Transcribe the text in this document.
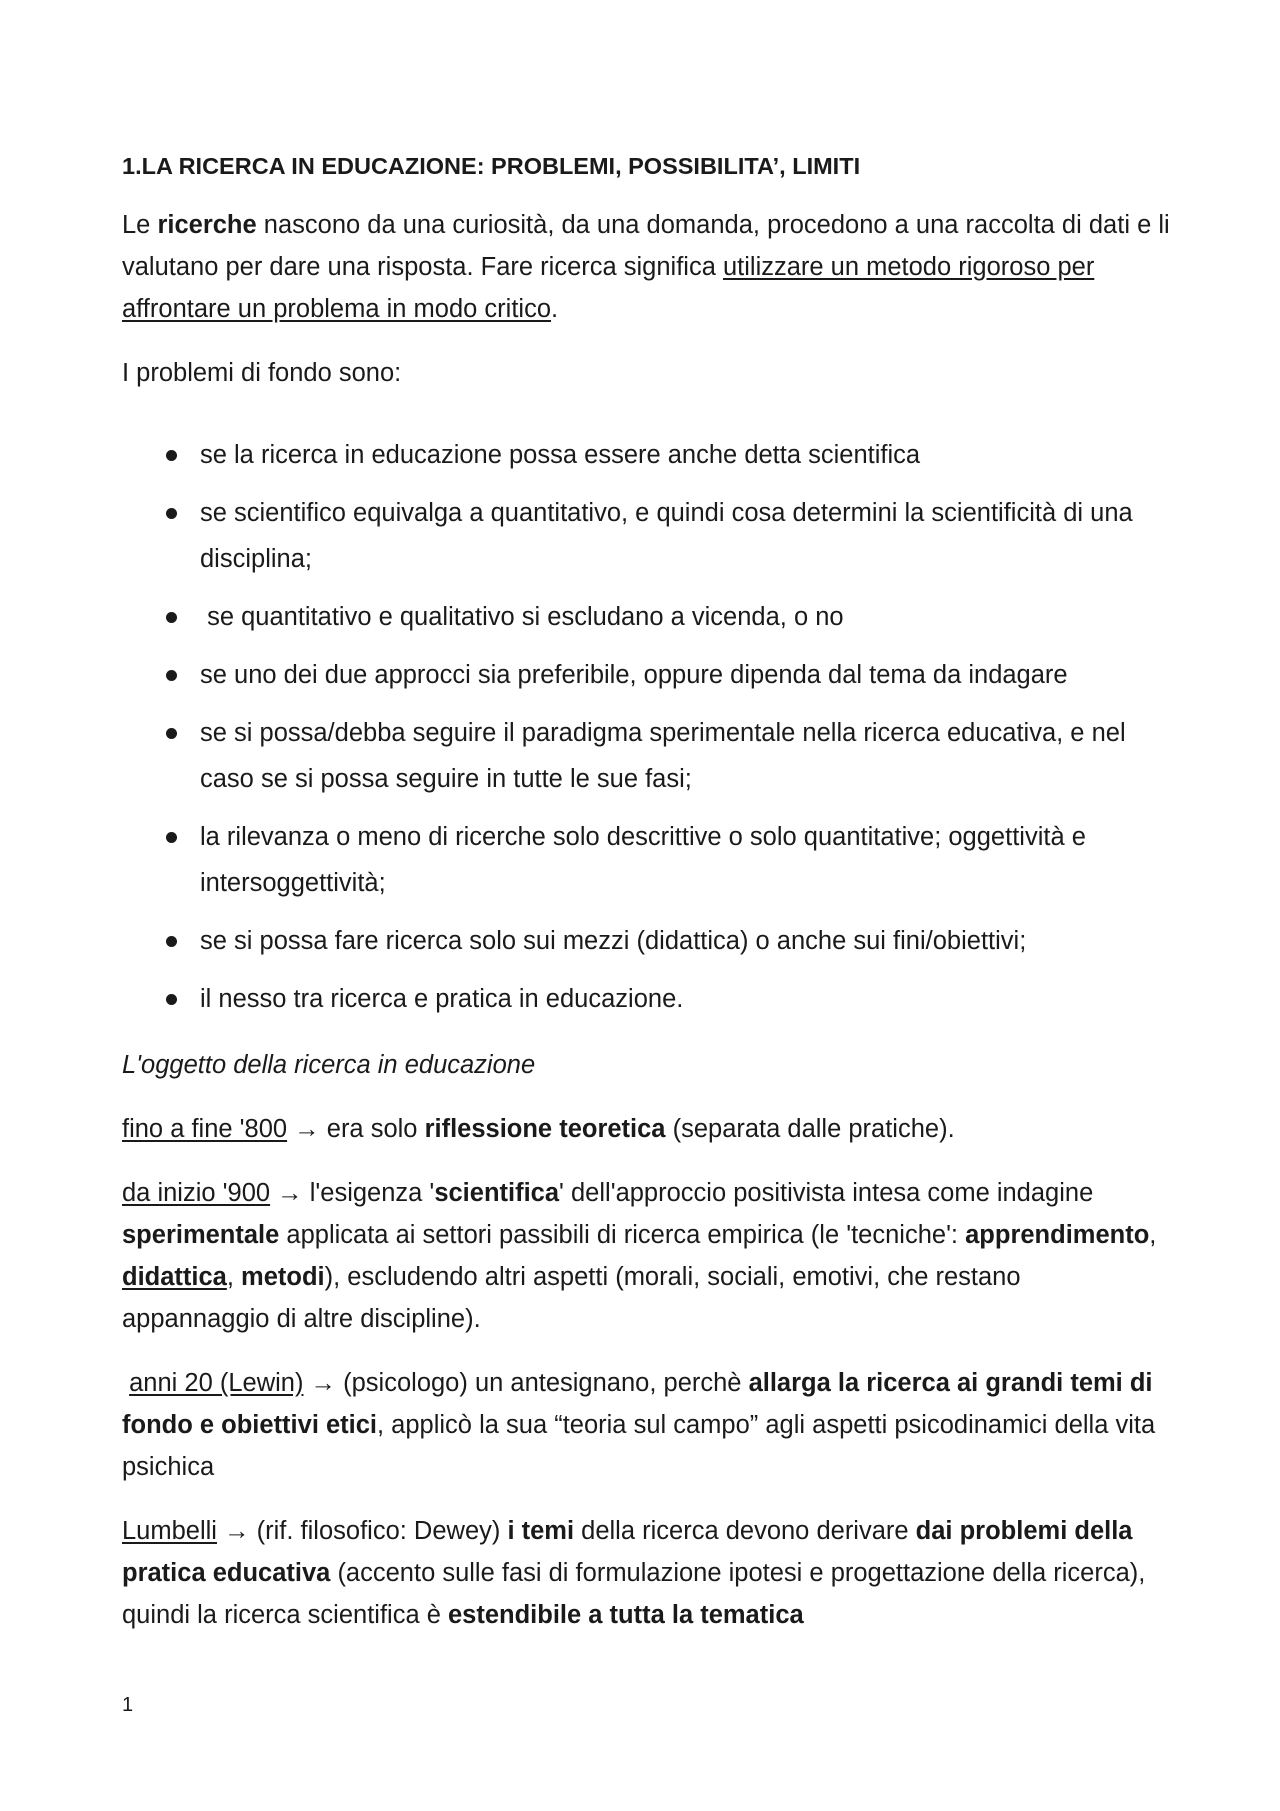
1.LA RICERCA IN EDUCAZIONE: PROBLEMI, POSSIBILITA’, LIMITI

Le ricerche nascono da una curiosità, da una domanda, procedono a una raccolta di dati e li valutano per dare una risposta. Fare ricerca significa utilizzare un metodo rigoroso per affrontare un problema in modo critico.

I problemi di fondo sono:

se la ricerca in educazione possa essere anche detta scientifica
se scientifico equivalga a quantitativo, e quindi cosa determini la scientificità di una disciplina;
se quantitativo e qualitativo si escludano a vicenda, o no
se uno dei due approcci sia preferibile, oppure dipenda dal tema da indagare
se si possa/debba seguire il paradigma sperimentale nella ricerca educativa, e nel caso se si possa seguire in tutte le sue fasi;
la rilevanza o meno di ricerche solo descrittive o solo quantitative; oggettività e intersoggettività;
se si possa fare ricerca solo sui mezzi (didattica) o anche sui fini/obiettivi;
il nesso tra ricerca e pratica in educazione.

L'oggetto della ricerca in educazione

fino a fine '800 → era solo riflessione teoretica (separata dalle pratiche).

da inizio '900 → l'esigenza 'scientifica' dell'approccio positivista intesa come indagine sperimentale applicata ai settori passibili di ricerca empirica (le 'tecniche': apprendimento, didattica, metodi), escludendo altri aspetti (morali, sociali, emotivi, che restano appannaggio di altre discipline).

anni 20 (Lewin) → (psicologo) un antesignano, perchè allarga la ricerca ai grandi temi di fondo e obiettivi etici, applicò la sua “teoria sul campo” agli aspetti psicodinamici della vita psichica

Lumbelli → (rif. filosofico: Dewey) i temi della ricerca devono derivare dai problemi della pratica educativa (accento sulle fasi di formulazione ipotesi e progettazione della ricerca), quindi la ricerca scientifica è estendibile a tutta la tematica

1
